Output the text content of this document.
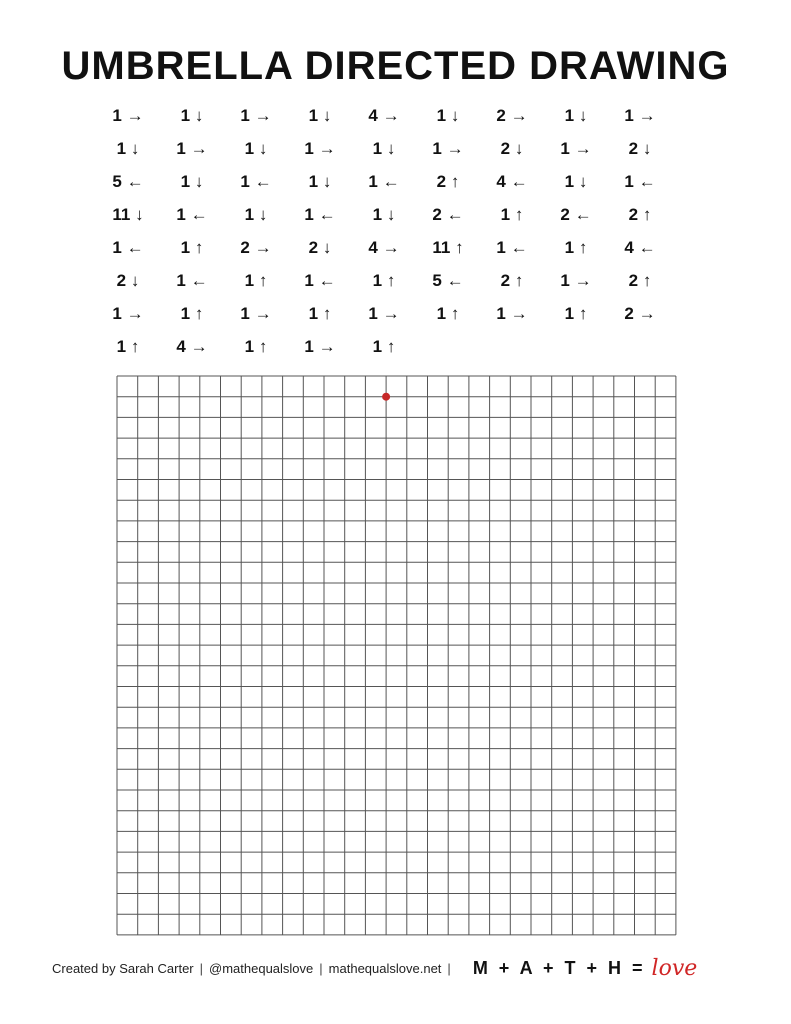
UMBRELLA DIRECTED DRAWING
1 →	1 ↓	1 →	1 ↓	4 →	1 ↓	2 →	1 ↓	1 →
1 ↓	1 →	1 ↓	1 →	1 ↓	1 →	2 ↓	1 →	2 ↓
5 ←	1 ↓	1 ←	1 ↓	1 ←	2 ↑	4 ←	1 ↓	1 ←
11 ↓	1 ←	1 ↓	1 ←	1 ↓	2 ←	1 ↑	2 ←	2 ↑
1 ←	1 ↑	2 →	2 ↓	4 →	11 ↑	1 ←	1 ↑	4 ←
2 ↓	1 ←	1 ↑	1 ←	1 ↑	5 ←	2 ↑	1 →	2 ↑
1 →	1 ↑	1 →	1 ↑	1 →	1 ↑	1 →	1 ↑	2 →
1 ↑	4 →	1 ↑	1 →	1 ↑
Created by Sarah Carter | @mathequalslove | mathequalslove.net | M + A + T + H = love
